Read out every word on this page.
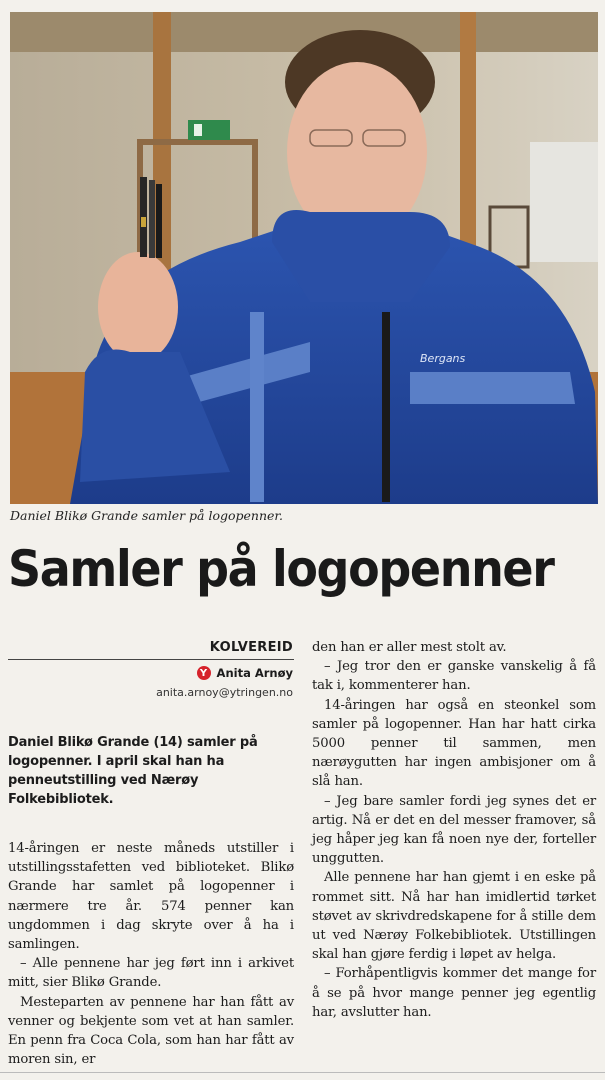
Bergans
Daniel Blikø Grande samler på logopenner.
Samler på logopenner
KOLVEREID
Y Anita Arnøy
anita.arnoy@ytringen.no

Daniel Blikø Grande (14) samler på logopenner. I april skal han ha penneutstilling ved Nærøy Folkebibliotek.

14-åringen er neste måneds utstiller i utstillingsstafetten ved biblioteket. Blikø Grande har samlet på logopenner i nærmere tre år. 574 penner kan ungdommen i dag skryte over å ha i samlingen.

– Alle pennene har jeg ført inn i arkivet mitt, sier Blikø Grande.

Mesteparten av pennene har han fått av venner og bekjente som vet at han samler. En penn fra Coca Cola, som han har fått av moren sin, er

den han er aller mest stolt av.

– Jeg tror den er ganske vanskelig å få tak i, kommenterer han.

14-åringen har også en steonkel som samler på logopenner. Han har hatt cirka 5000 penner til sammen, men nærøygutten har ingen ambisjoner om å slå han.

– Jeg bare samler fordi jeg synes det er artig. Nå er det en del messer framover, så jeg håper jeg kan få noen nye der, forteller unggutten.

Alle pennene har han gjemt i en eske på rommet sitt. Nå har han imidlertid tørket støvet av skrivdredskapene for å stille dem ut ved Nærøy Folkebibliotek. Utstillingen skal han gjøre ferdig i løpet av helga.

– Forhåpentligvis kommer det mange for å se på hvor mange penner jeg egentlig har, avslutter han.
